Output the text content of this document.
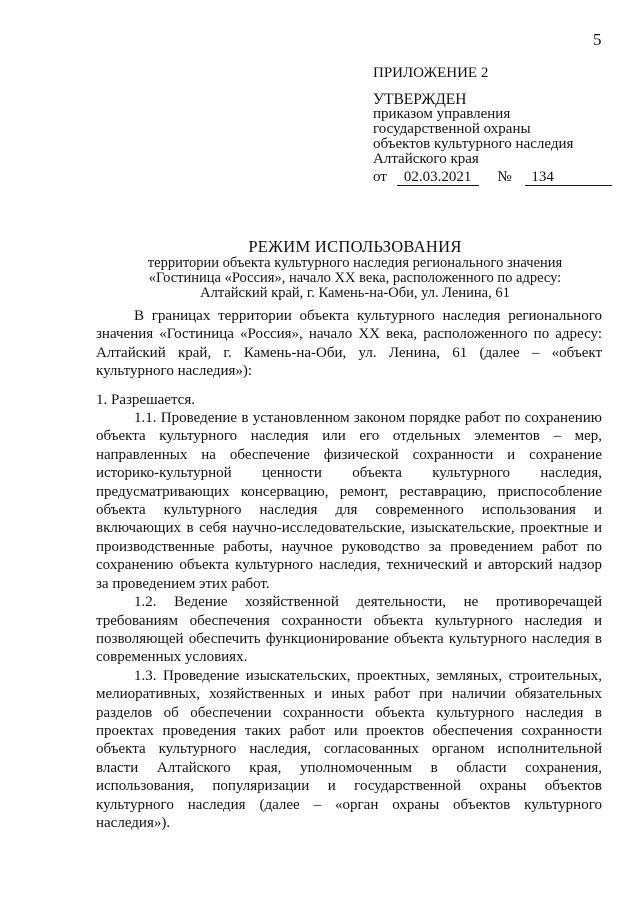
5
ПРИЛОЖЕНИЕ 2
УТВЕРЖДЕН
приказом управления
государственной охраны
объектов культурного наследия
Алтайского края
от 02.03.2021 № 134
РЕЖИМ ИСПОЛЬЗОВАНИЯ
территории объекта культурного наследия регионального значения
«Гостиница «Россия», начало XX века, расположенного по адресу:
Алтайский край, г. Камень-на-Оби, ул. Ленина, 61

В границах территории объекта культурного наследия регионального значения «Гостиница «Россия», начало XX века, расположенного по адресу: Алтайский край, г. Камень-на-Оби, ул. Ленина, 61 (далее – «объект культурного наследия»):

1. Разрешается.

1.1. Проведение в установленном законом порядке работ по сохранению объекта культурного наследия или его отдельных элементов – мер, направленных на обеспечение физической сохранности и сохранение историко-культурной ценности объекта культурного наследия, предусматривающих консервацию, ремонт, реставрацию, приспособление объекта культурного наследия для современного использования и включающих в себя научно-исследовательские, изыскательские, проектные и производственные работы, научное руководство за проведением работ по сохранению объекта культурного наследия, технический и авторский надзор за проведением этих работ.

1.2. Ведение хозяйственной деятельности, не противоречащей требованиям обеспечения сохранности объекта культурного наследия и позволяющей обеспечить функционирование объекта культурного наследия в современных условиях.

1.3. Проведение изыскательских, проектных, земляных, строительных, мелиоративных, хозяйственных и иных работ при наличии обязательных разделов об обеспечении сохранности объекта культурного наследия в проектах проведения таких работ или проектов обеспечения сохранности объекта культурного наследия, согласованных органом исполнительной власти Алтайского края, уполномоченным в области сохранения, использования, популяризации и государственной охраны объектов культурного наследия (далее – «орган охраны объектов культурного наследия»).
